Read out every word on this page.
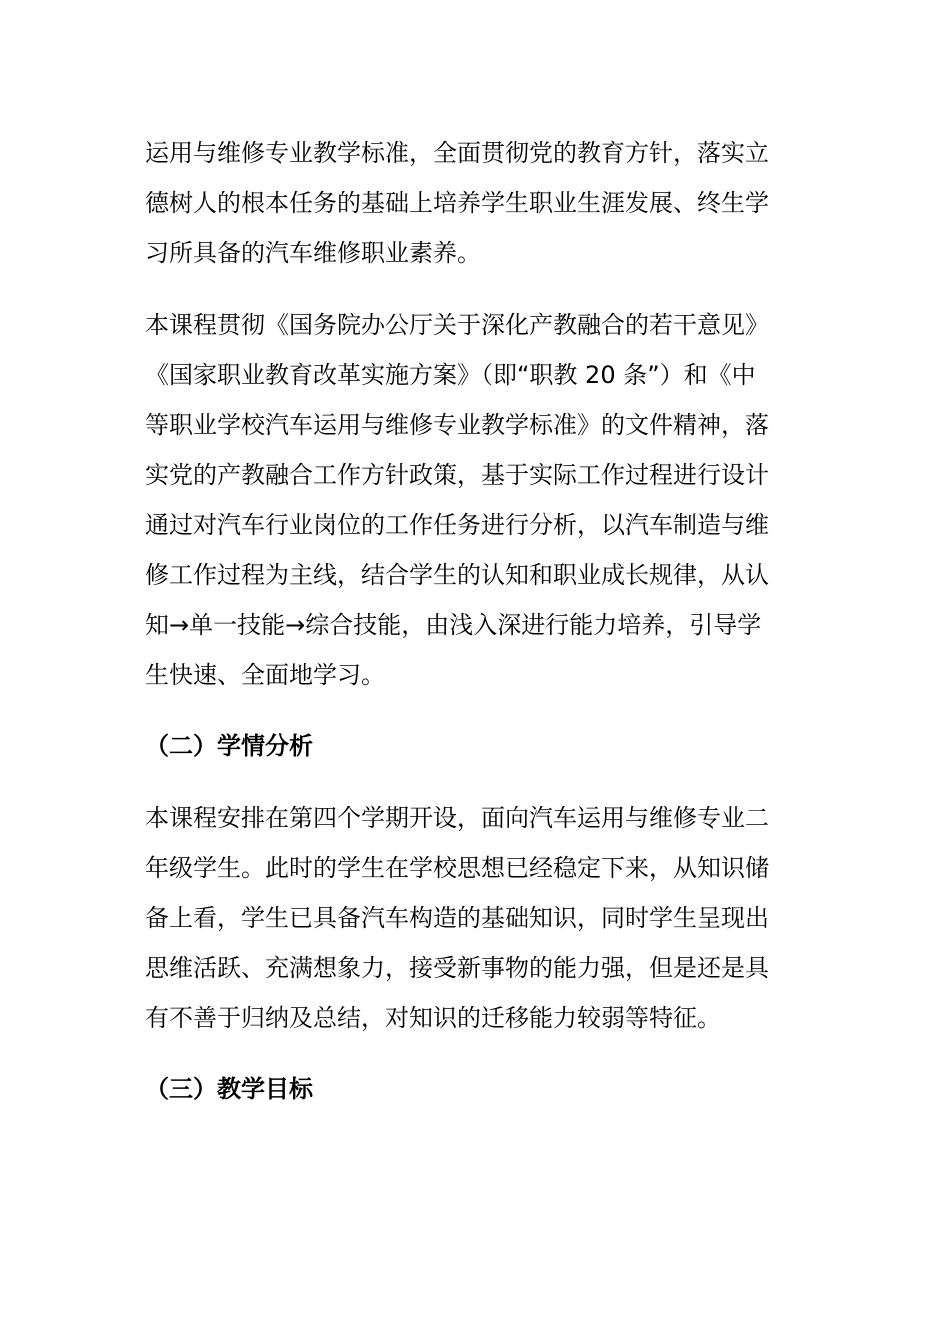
运用与维修专业教学标准，全面贯彻党的教育方针，落实立
德树人的根本任务的基础上培养学生职业生涯发展、终生学
习所具备的汽车维修职业素养。
本课程贯彻《国务院办公厅关于深化产教融合的若干意见》
《国家职业教育改革实施方案》（即“职教 20 条”）和《中
等职业学校汽车运用与维修专业教学标准》的文件精神，落
实党的产教融合工作方针政策，基于实际工作过程进行设计
通过对汽车行业岗位的工作任务进行分析，以汽车制造与维
修工作过程为主线，结合学生的认知和职业成长规律，从认
知→单一技能→综合技能，由浅入深进行能力培养，引导学
生快速、全面地学习。
（二）学情分析
本课程安排在第四个学期开设，面向汽车运用与维修专业二
年级学生。此时的学生在学校思想已经稳定下来，从知识储
备上看，学生已具备汽车构造的基础知识，同时学生呈现出
思维活跃、充满想象力，接受新事物的能力强，但是还是具
有不善于归纳及总结，对知识的迁移能力较弱等特征。
（三）教学目标
